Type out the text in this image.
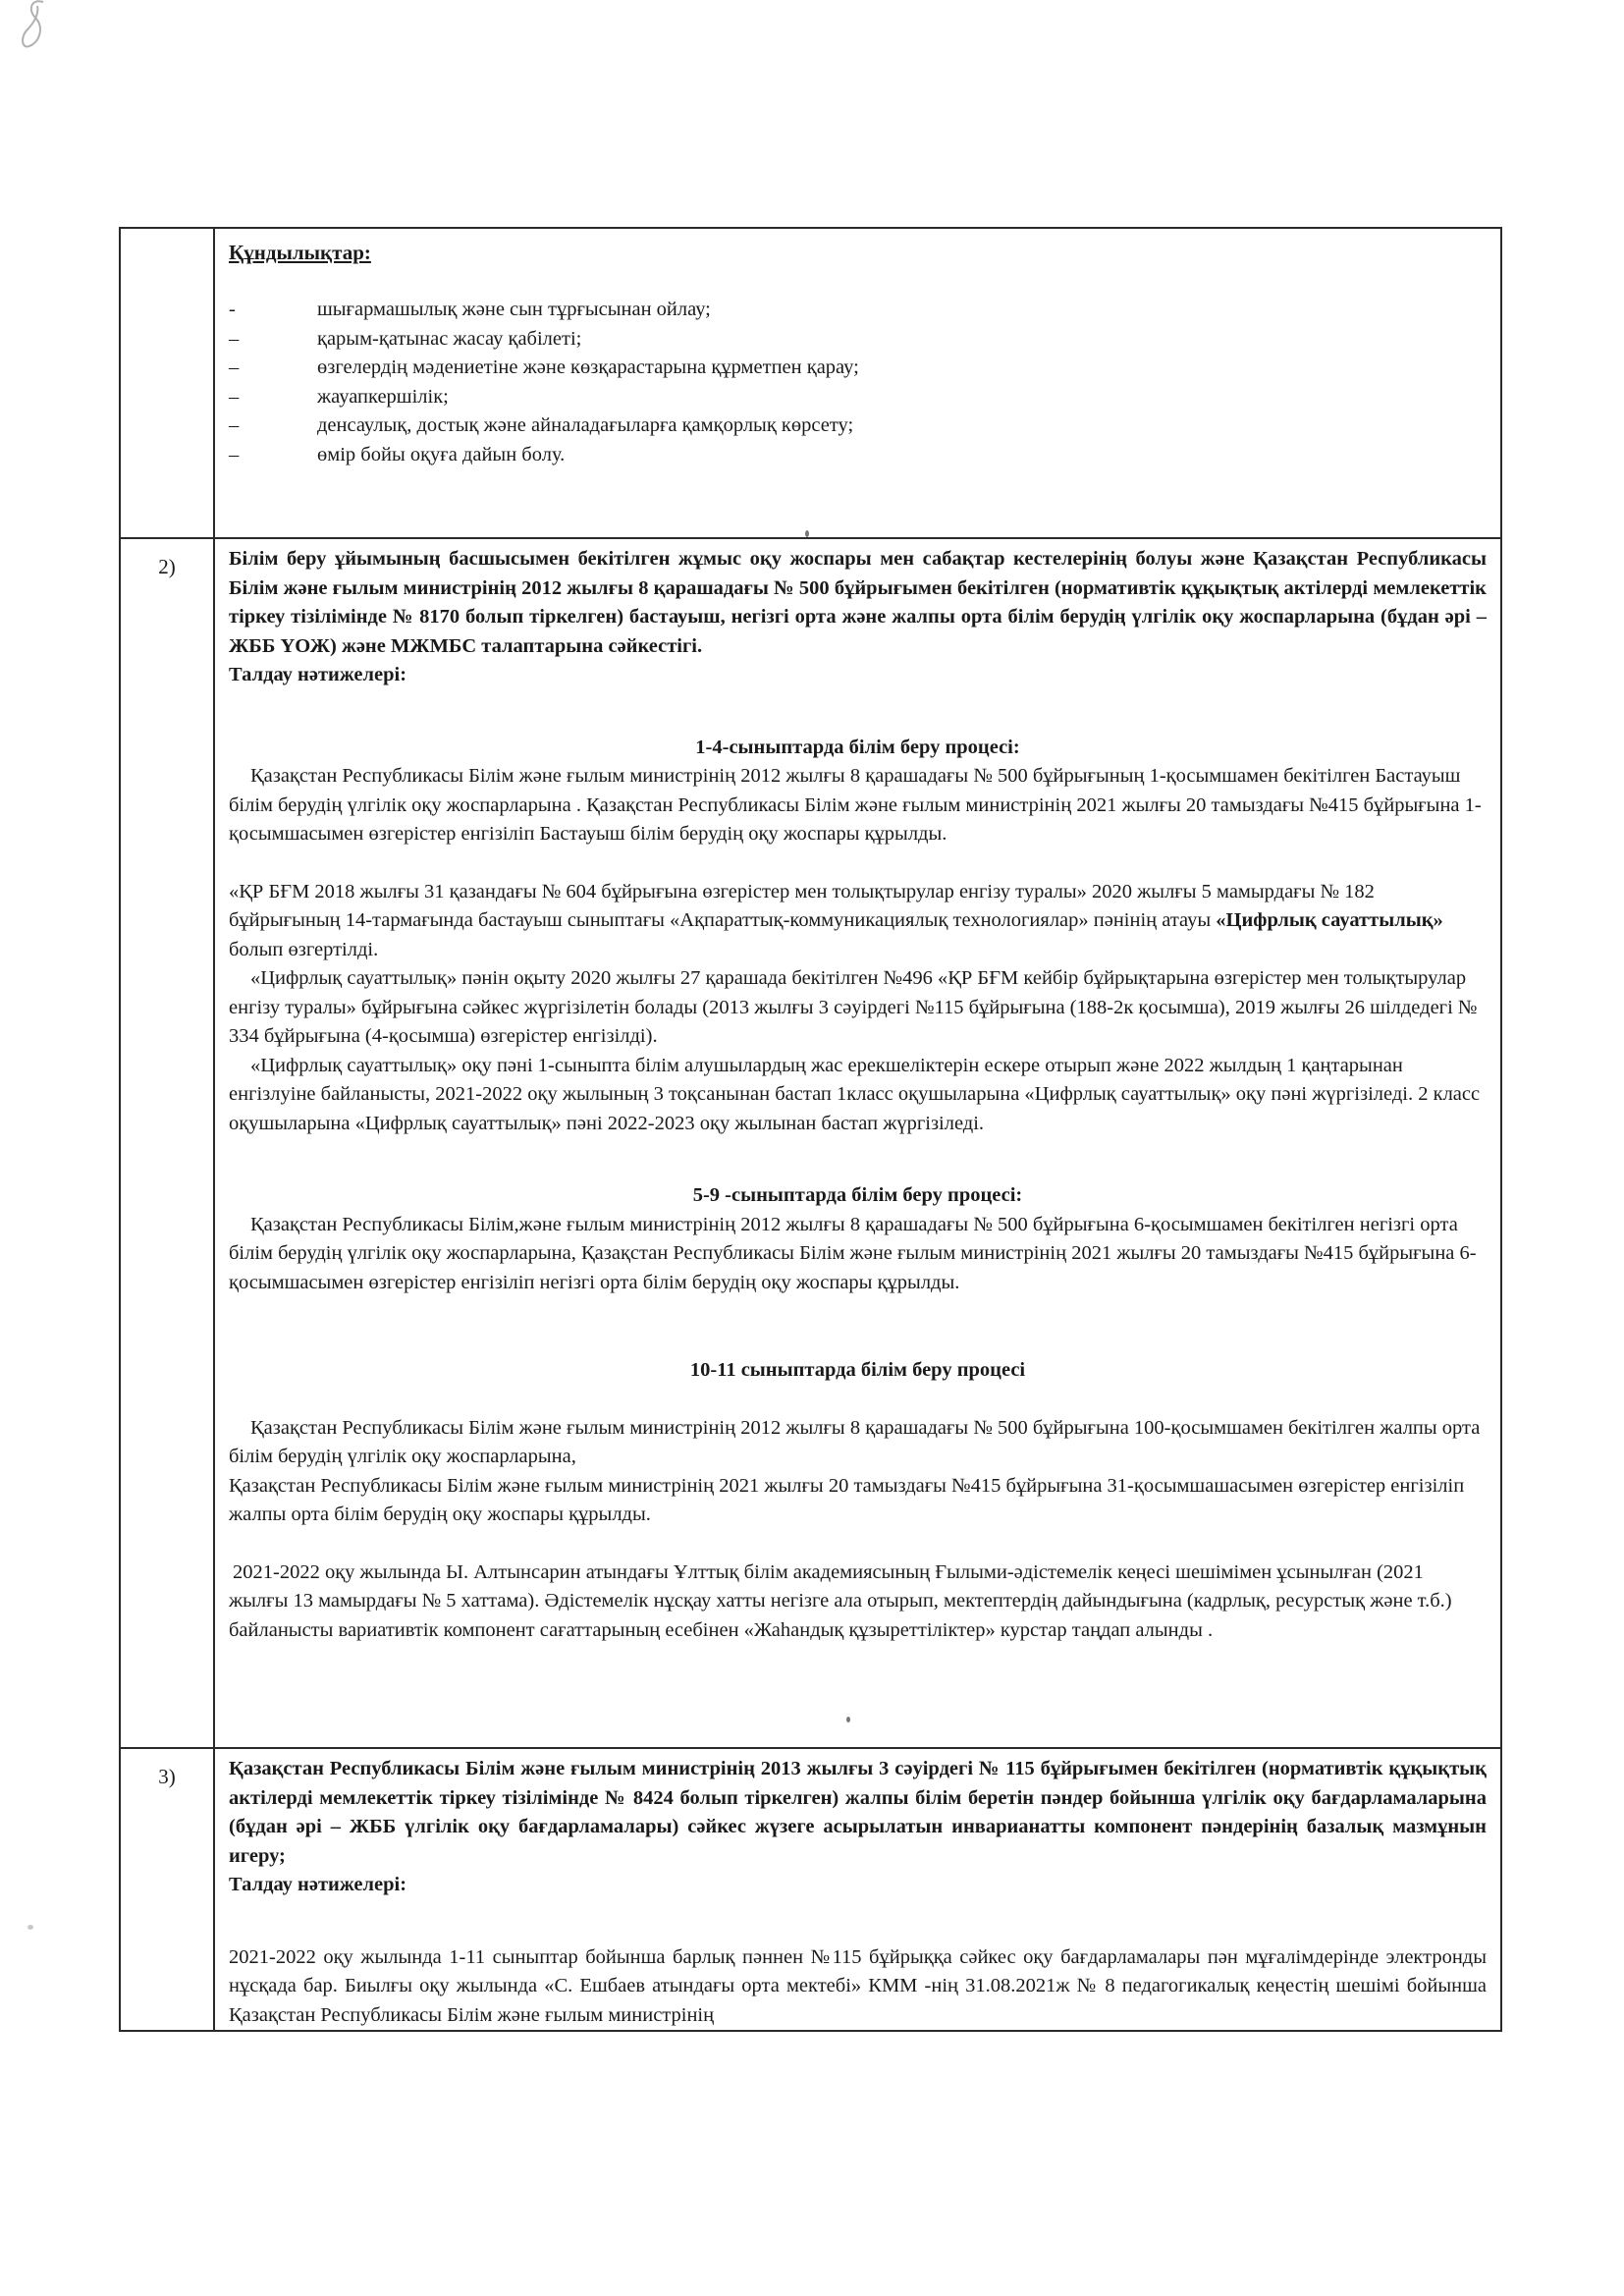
Құндылықтар:

-	шығармашылық және сын тұрғысынан ойлау;
–	қарым-қатынас жасау қабілеті;
–	өзгелердің мәдениетіне және көзқарастарына құрметпен қарау;
–	жауапкершілік;
–	денсаулық, достық және айналадағыларға қамқорлық көрсету;
–	өмір бойы оқуға дайын болу.

2)	Білім беру ұйымының басшысымен бекітілген жұмыс оқу жоспары мен сабақтар кестелерінің болуы және Қазақстан Республикасы Білім және ғылым министрінің 2012 жылғы 8 қарашадағы № 500 бұйрығымен бекітілген (нормативтік құқықтық актілерді мемлекеттік тіркеу тізілімінде № 8170 болып тіркелген) бастауыш, негізгі орта және жалпы орта білім берудің үлгілік оқу жоспарларына (бұдан әрі – ЖББ ҮОЖ) және МЖМБС талаптарына сәйкестігі.

Талдау нәтижелері:

1-4-сыныптарда білім беру процесі:

Қазақстан Республикасы Білім және ғылым министрінің 2012 жылғы 8 қарашадағы № 500 бұйрығының 1-қосымшамен бекітілген Бастауыш білім берудің үлгілік оқу жоспарларына . Қазақстан Республикасы Білім және ғылым министрінің 2021 жылғы 20 тамыздағы №415 бұйрығына 1-қосымшасымен өзгерістер енгізіліп Бастауыш білім берудің оқу жоспары құрылды.

«ҚР БҒМ 2018 жылғы 31 қазандағы № 604 бұйрығына өзгерістер мен толықтырулар енгізу туралы» 2020 жылғы 5 мамырдағы № 182 бұйрығының 14-тармағында бастауыш сыныптағы «Ақпараттық-коммуникациялық технологиялар» пәнінің атауы «Цифрлық сауаттылық» болып өзгертілді.

«Цифрлық сауаттылық» пәнін оқыту 2020 жылғы 27 қарашада бекітілген №496 «ҚР БҒМ кейбір бұйрықтарына өзгерістер мен толықтырулар енгізу туралы» бұйрығына сәйкес жүргізілетін болады (2013 жылғы 3 сәуірдегі №115 бұйрығына (188-2к қосымша), 2019 жылғы 26 шілдедегі № 334 бұйрығына (4-қосымша) өзгерістер енгізілді).

«Цифрлық сауаттылық» оқу пәні 1-сыныпта білім алушылардың жас ерекшеліктерін ескере отырып және 2022 жылдың 1 қаңтарынан енгізлуіне байланысты, 2021-2022 оқу жылының 3 тоқсанынан бастап 1класс оқушыларына «Цифрлық сауаттылық» оқу пәні жүргізіледі. 2 класс оқушыларына «Цифрлық сауаттылық» пәні 2022-2023 оқу жылынан бастап жүргізіледі.

5-9 -сыныптарда білім беру процесі:

Қазақстан Республикасы Білім,және ғылым министрінің 2012 жылғы 8 қарашадағы № 500 бұйрығына 6-қосымшамен бекітілген негізгі орта білім берудің үлгілік оқу жоспарларына, Қазақстан Республикасы Білім және ғылым министрінің 2021 жылғы 20 тамыздағы №415 бұйрығына 6-қосымшасымен өзгерістер енгізіліп негізгі орта білім берудің оқу жоспары құрылды.

10-11 сыныптарда білім беру процесі

Қазақстан Республикасы Білім және ғылым министрінің 2012 жылғы 8 қарашадағы № 500 бұйрығына 100-қосымшамен бекітілген жалпы орта білім берудің үлгілік оқу жоспарларына,

Қазақстан Республикасы Білім және ғылым министрінің 2021 жылғы 20 тамыздағы №415 бұйрығына 31-қосымшашасымен өзгерістер енгізіліп жалпы орта білім берудің оқу жоспары құрылды.

2021-2022 оқу жылында Ы. Алтынсарин атындағы Ұлттық білім академиясының Ғылыми-әдістемелік кеңесі шешімімен ұсынылған (2021 жылғы 13 мамырдағы № 5 хаттама). Әдістемелік нұсқау хатты негізге ала отырып, мектептердің дайындығына (кадрлық, ресурстық және т.б.) байланысты вариативтік компонент сағаттарының есебінен «Жаһандық құзыреттіліктер» курстар таңдап алынды .

3)	Қазақстан Республикасы Білім және ғылым министрінің 2013 жылғы 3 сәуірдегі № 115 бұйрығымен бекітілген (нормативтік құқықтық актілерді мемлекеттік тіркеу тізілімінде № 8424 болып тіркелген) жалпы білім беретін пәндер бойынша үлгілік оқу бағдарламаларына (бұдан әрі – ЖББ үлгілік оқу бағдарламалары) сәйкес жүзеге асырылатын инварианатты компонент пәндерінің базалық мазмұнын игеру;

Талдау нәтижелері:

2021-2022 оқу жылында 1-11 сыныптар бойынша барлық пәннен №115 бұйрыққа сәйкес оқу бағдарламалары пән мұғалімдерінде электронды нұсқада бар. Биылғы оқу жылында «С. Ешбаев атындағы орта мектебі» КММ -нің 31.08.2021ж № 8 педагогикалық кеңестің шешімі бойынша Қазақстан Республикасы Білім және ғылым министрінің
